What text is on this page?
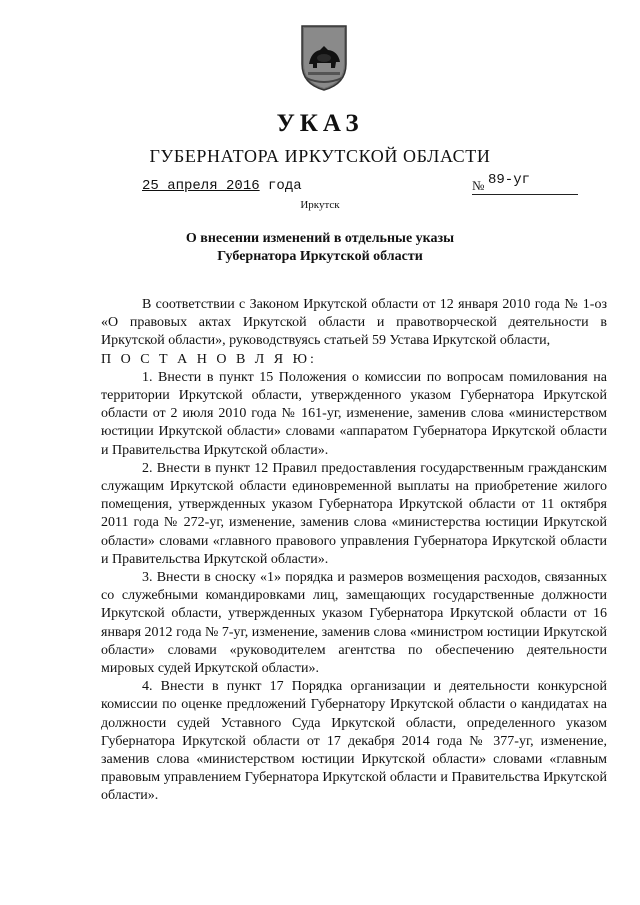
УКАЗ
ГУБЕРНАТОРА ИРКУТСКОЙ ОБЛАСТИ
25 апреля 2016 года	№ 89-уг
Иркутск
О внесении изменений в отдельные указы
Губернатора Иркутской области

В соответствии с Законом Иркутской области от 12 января 2010 года № 1-оз «О правовых актах Иркутской области и правотворческой деятельности в Иркутской области», руководствуясь статьей 59 Устава Иркутской области,

П О С Т А Н О В Л Я Ю:

1. Внести в пункт 15 Положения о комиссии по вопросам помилования на территории Иркутской области, утвержденного указом Губернатора Иркутской области от 2 июля 2010 года № 161-уг, изменение, заменив слова «министерством юстиции Иркутской области» словами «аппаратом Губернатора Иркутской области и Правительства Иркутской области».

2. Внести в пункт 12 Правил предоставления государственным гражданским служащим Иркутской области единовременной выплаты на приобретение жилого помещения, утвержденных указом Губернатора Иркутской области от 11 октября 2011 года № 272-уг, изменение, заменив слова «министерства юстиции Иркутской области» словами «главного правового управления Губернатора Иркутской области и Правительства Иркутской области».

3. Внести в сноску «1» порядка и размеров возмещения расходов, связанных со служебными командировками лиц, замещающих государственные должности Иркутской области, утвержденных указом Губернатора Иркутской области от 16 января 2012 года № 7-уг, изменение, заменив слова «министром юстиции Иркутской области» словами «руководителем агентства по обеспечению деятельности мировых судей Иркутской области».

4. Внести в пункт 17 Порядка организации и деятельности конкурсной комиссии по оценке предложений Губернатору Иркутской области о кандидатах на должности судей Уставного Суда Иркутской области, определенного указом Губернатора Иркутской области от 17 декабря 2014 года № 377-уг, изменение, заменив слова «министерством юстиции Иркутской области» словами «главным правовым управлением Губернатора Иркутской области и Правительства Иркутской области».
